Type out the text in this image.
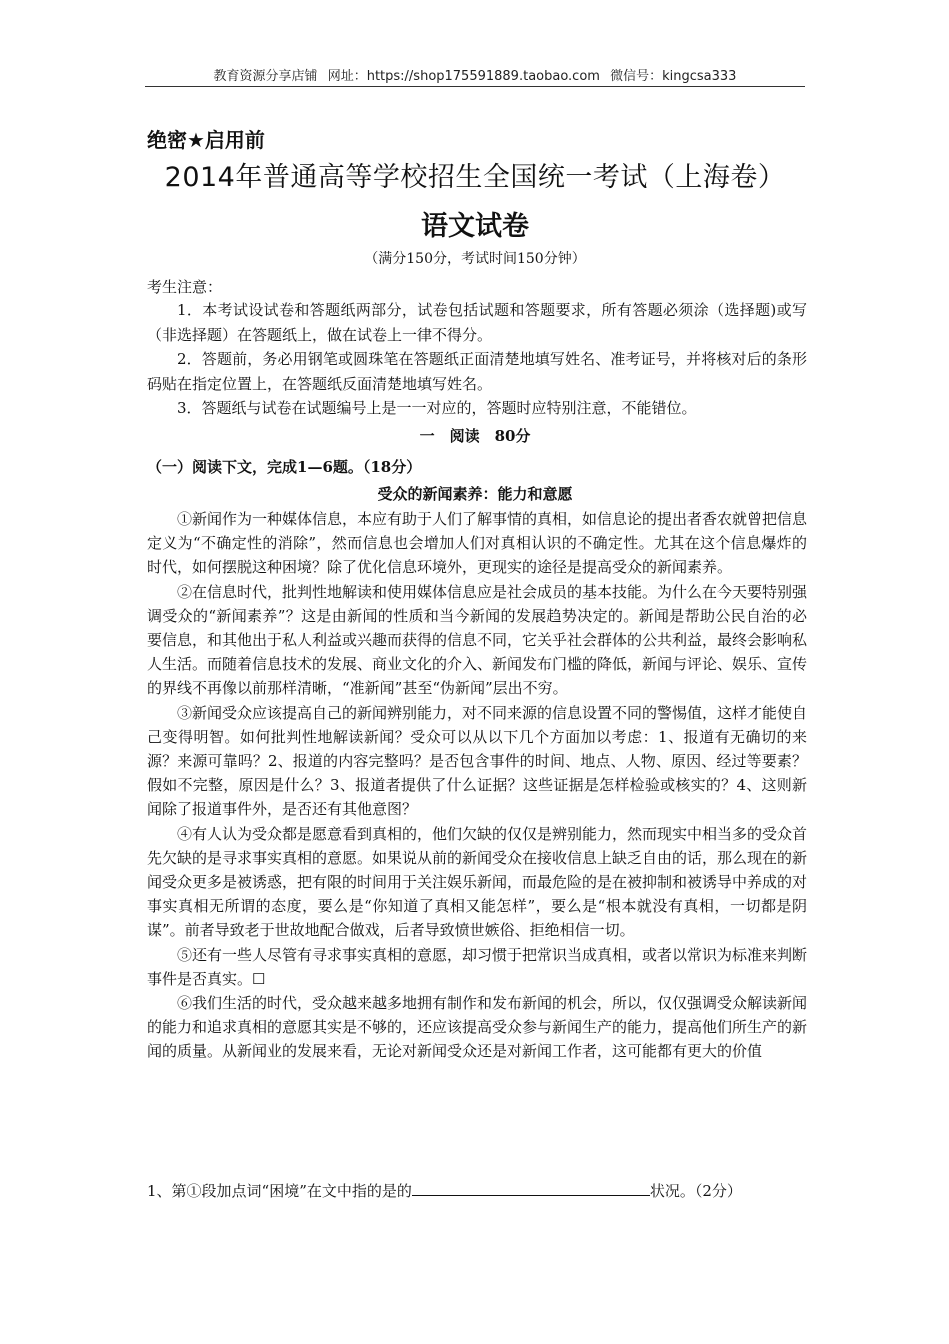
教育资源分享店铺 网址：https://shop175591889.taobao.com 微信号：kingcsa333
绝密★启用前
2014年普通高等学校招生全国统一考试（上海卷）
语文试卷
（满分150分，考试时间150分钟）
考生注意：

1．本考试设试卷和答题纸两部分，试卷包括试题和答题要求，所有答题必须涂（选择题)或写（非选择题）在答题纸上，做在试卷上一律不得分。

2．答题前，务必用钢笔或圆珠笔在答题纸正面清楚地填写姓名、准考证号，并将核对后的条形码贴在指定位置上，在答题纸反面清楚地填写姓名。

3．答题纸与试卷在试题编号上是一一对应的，答题时应特别注意，不能错位。

一　阅读　80分
（一）阅读下文，完成1—6题。（18分）
受众的新闻素养：能力和意愿

①新闻作为一种媒体信息，本应有助于人们了解事情的真相，如信息论的提出者香农就曾把信息定义为“不确定性的消除”，然而信息也会增加人们对真相认识的不确定性。尤其在这个信息爆炸的时代，如何摆脱这种困境？除了优化信息环境外，更现实的途径是提高受众的新闻素养。

②在信息时代，批判性地解读和使用媒体信息应是社会成员的基本技能。为什么在今天要特别强调受众的“新闻素养”？这是由新闻的性质和当今新闻的发展趋势决定的。新闻是帮助公民自治的必要信息，和其他出于私人利益或兴趣而获得的信息不同，它关乎社会群体的公共利益，最终会影响私人生活。而随着信息技术的发展、商业文化的介入、新闻发布门槛的降低，新闻与评论、娱乐、宣传的界线不再像以前那样清晰，“准新闻”甚至“伪新闻”层出不穷。

③新闻受众应该提高自己的新闻辨别能力，对不同来源的信息设置不同的警惕值，这样才能使自己变得明智。如何批判性地解读新闻？受众可以从以下几个方面加以考虑：1、报道有无确切的来源？来源可靠吗？2、报道的内容完整吗？是否包含事件的时间、地点、人物、原因、经过等要素？假如不完整，原因是什么？3、报道者提供了什么证据？这些证据是怎样检验或核实的？4、这则新闻除了报道事件外，是否还有其他意图？

④有人认为受众都是愿意看到真相的，他们欠缺的仅仅是辨别能力，然而现实中相当多的受众首先欠缺的是寻求事实真相的意愿。如果说从前的新闻受众在接收信息上缺乏自由的话，那么现在的新闻受众更多是被诱惑，把有限的时间用于关注娱乐新闻，而最危险的是在被抑制和被诱导中养成的对事实真相无所谓的态度，要么是“你知道了真相又能怎样”，要么是“根本就没有真相，一切都是阴谋”。前者导致老于世故地配合做戏，后者导致愤世嫉俗、拒绝相信一切。

⑤还有一些人尽管有寻求事实真相的意愿，却习惯于把常识当成真相，或者以常识为标准来判断事件是否真实。☐

⑥我们生活的时代，受众越来越多地拥有制作和发布新闻的机会，所以，仅仅强调受众解读新闻的能力和追求真相的意愿其实是不够的，还应该提高受众参与新闻生产的能力，提高他们所生产的新闻的质量。从新闻业的发展来看，无论对新闻受众还是对新闻工作者，这可能都有更大的价值

1、第①段加点词“困境”在文中指的是的	状况。（2分）
